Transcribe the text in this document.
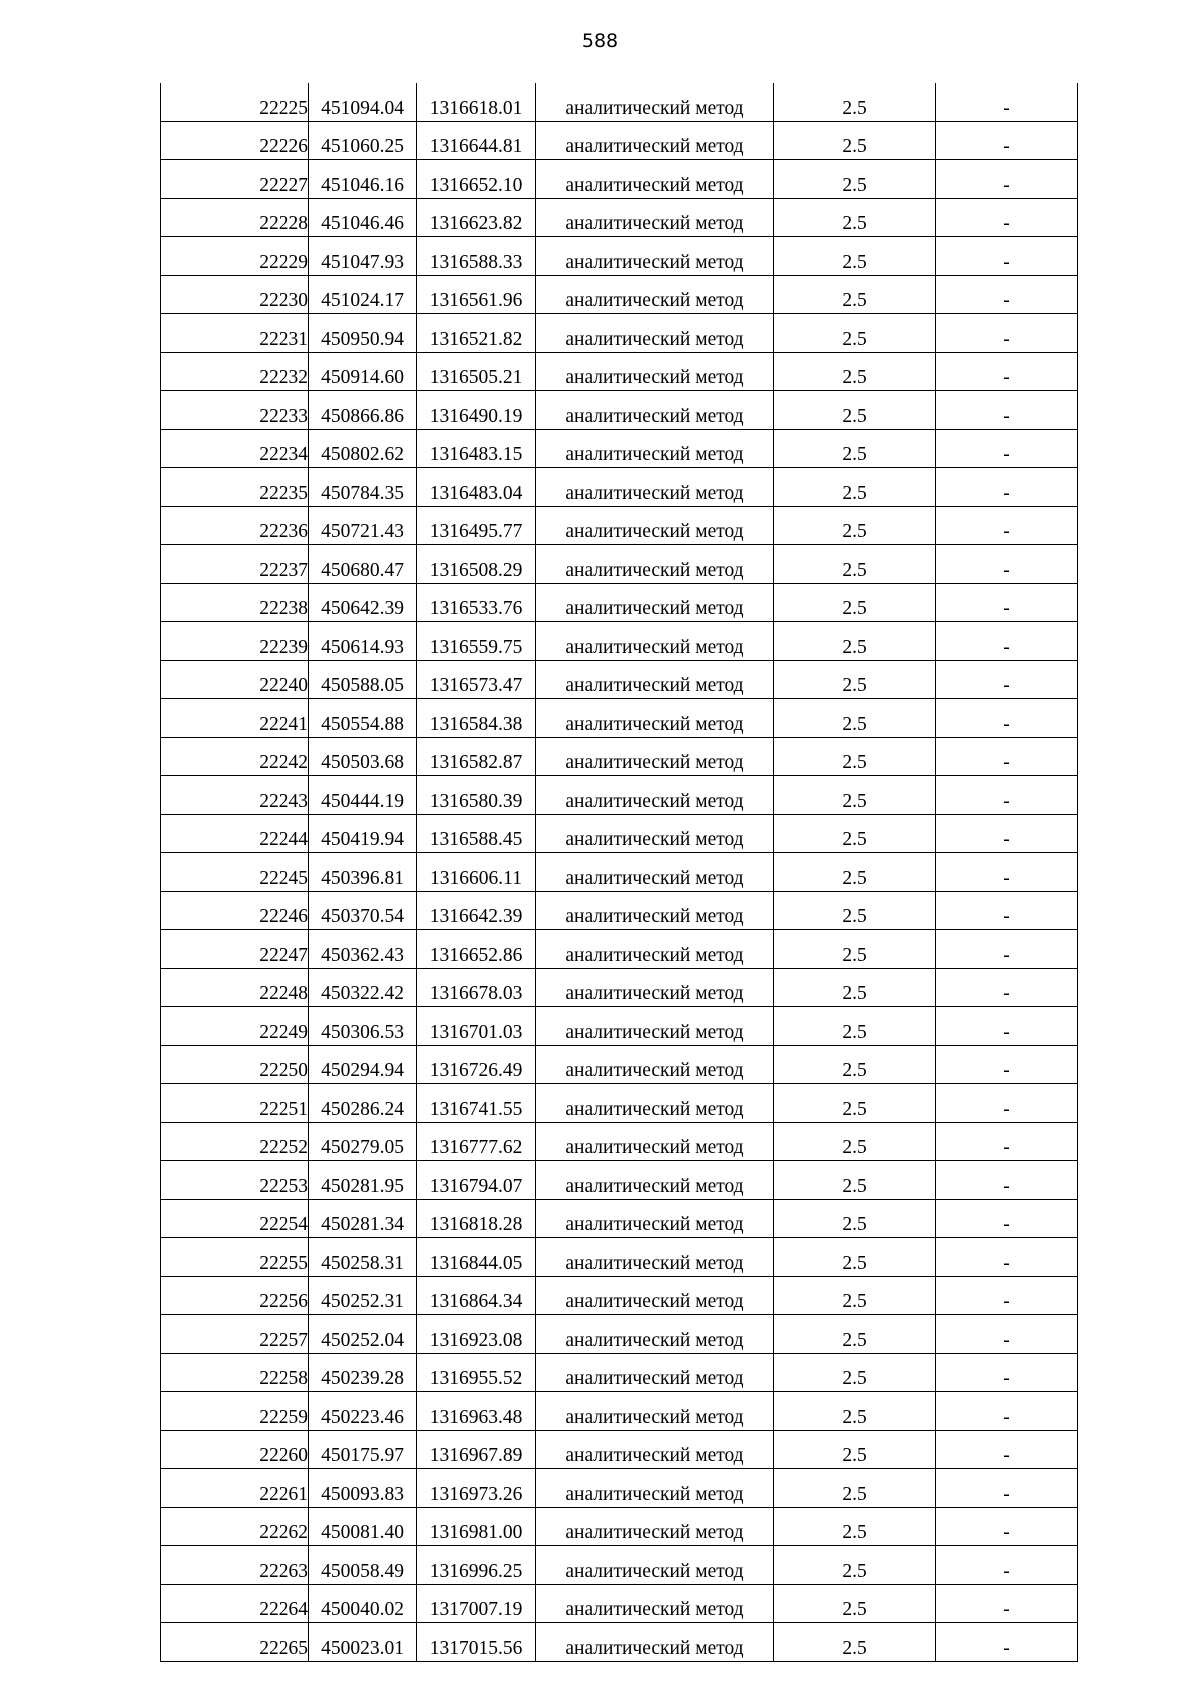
588
22225	451094.04	1316618.01	аналитический метод	2.5	-
22226	451060.25	1316644.81	аналитический метод	2.5	-
22227	451046.16	1316652.10	аналитический метод	2.5	-
22228	451046.46	1316623.82	аналитический метод	2.5	-
22229	451047.93	1316588.33	аналитический метод	2.5	-
22230	451024.17	1316561.96	аналитический метод	2.5	-
22231	450950.94	1316521.82	аналитический метод	2.5	-
22232	450914.60	1316505.21	аналитический метод	2.5	-
22233	450866.86	1316490.19	аналитический метод	2.5	-
22234	450802.62	1316483.15	аналитический метод	2.5	-
22235	450784.35	1316483.04	аналитический метод	2.5	-
22236	450721.43	1316495.77	аналитический метод	2.5	-
22237	450680.47	1316508.29	аналитический метод	2.5	-
22238	450642.39	1316533.76	аналитический метод	2.5	-
22239	450614.93	1316559.75	аналитический метод	2.5	-
22240	450588.05	1316573.47	аналитический метод	2.5	-
22241	450554.88	1316584.38	аналитический метод	2.5	-
22242	450503.68	1316582.87	аналитический метод	2.5	-
22243	450444.19	1316580.39	аналитический метод	2.5	-
22244	450419.94	1316588.45	аналитический метод	2.5	-
22245	450396.81	1316606.11	аналитический метод	2.5	-
22246	450370.54	1316642.39	аналитический метод	2.5	-
22247	450362.43	1316652.86	аналитический метод	2.5	-
22248	450322.42	1316678.03	аналитический метод	2.5	-
22249	450306.53	1316701.03	аналитический метод	2.5	-
22250	450294.94	1316726.49	аналитический метод	2.5	-
22251	450286.24	1316741.55	аналитический метод	2.5	-
22252	450279.05	1316777.62	аналитический метод	2.5	-
22253	450281.95	1316794.07	аналитический метод	2.5	-
22254	450281.34	1316818.28	аналитический метод	2.5	-
22255	450258.31	1316844.05	аналитический метод	2.5	-
22256	450252.31	1316864.34	аналитический метод	2.5	-
22257	450252.04	1316923.08	аналитический метод	2.5	-
22258	450239.28	1316955.52	аналитический метод	2.5	-
22259	450223.46	1316963.48	аналитический метод	2.5	-
22260	450175.97	1316967.89	аналитический метод	2.5	-
22261	450093.83	1316973.26	аналитический метод	2.5	-
22262	450081.40	1316981.00	аналитический метод	2.5	-
22263	450058.49	1316996.25	аналитический метод	2.5	-
22264	450040.02	1317007.19	аналитический метод	2.5	-
22265	450023.01	1317015.56	аналитический метод	2.5	-
